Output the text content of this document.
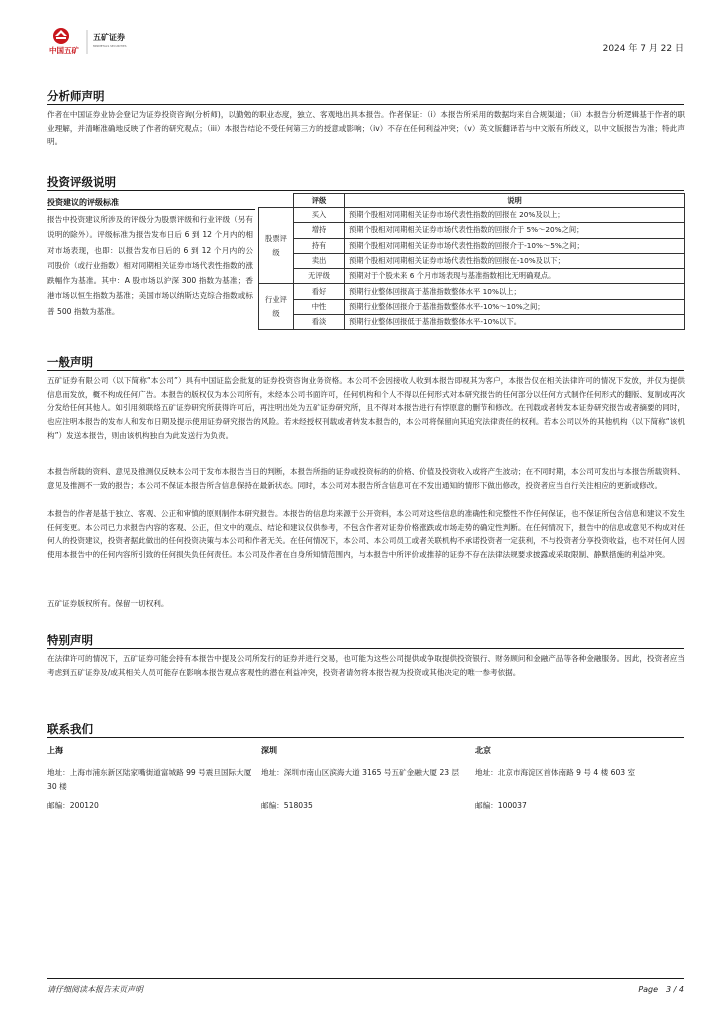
中国五矿
五矿证券
MINMETALS SECURITIES	2024 年 7 月 22 日
分析师声明

作者在中国证券业协会登记为证券投资咨询(分析师)，以勤勉的职业态度，独立、客观地出具本报告。作者保证：（i）本报告所采用的数据均来自合规渠道；（ii）本报告分析逻辑基于作者的职业理解，并清晰准确地反映了作者的研究观点；（iii）本报告结论不受任何第三方的授意或影响；（iv）不存在任何利益冲突；（v）英文版翻译若与中文版有所歧义，以中文版报告为准；特此声明。

投资评级说明
投资建议的评级标准

报告中投资建议所涉及的评级分为股票评级和行业评级（另有说明的除外）。评级标准为报告发布日后 6 到 12 个月内的相对市场表现，也即：以报告发布日后的 6 到 12 个月内的公司股价（或行业指数）相对同期相关证券市场代表性指数的涨跌幅作为基准。其中：A 股市场以沪深 300 指数为基准；香港市场以恒生指数为基准；美国市场以纳斯达克综合指数或标普 500 指数为基准。

	评级	说明
股票评级	买入	预期个股相对同期相关证券市场代表性指数的回报在 20%及以上；
	增持	预期个股相对同期相关证券市场代表性指数的回报介于 5%～20%之间；
	持有	预期个股相对同期相关证券市场代表性指数的回报介于-10%～5%之间；
	卖出	预期个股相对同期相关证券市场代表性指数的回报在-10%及以下；
	无评级	预期对于个股未来 6 个月市场表现与基准指数相比无明确观点。
行业评级	看好	预期行业整体回报高于基准指数整体水平 10%以上；
	中性	预期行业整体回报介于基准指数整体水平-10%～10%之间；
	看淡	预期行业整体回报低于基准指数整体水平-10%以下。
一般声明

五矿证券有限公司（以下简称“本公司”）具有中国证监会批复的证券投资咨询业务资格。本公司不会因接收人收到本报告即视其为客户，本报告仅在相关法律许可的情况下发放，并仅为提供信息而发放，概不构成任何广告。本报告的版权仅为本公司所有，未经本公司书面许可，任何机构和个人不得以任何形式对本研究报告的任何部分以任何方式制作任何形式的翻版、复制或再次分发给任何其他人。如引用须联络五矿证券研究所获得许可后，再注明出处为五矿证券研究所，且不得对本报告进行有悖原意的删节和修改。在刊载或者转发本证券研究报告或者摘要的同时，也应注明本报告的发布人和发布日期及提示使用证券研究报告的风险。若未经授权刊载或者转发本报告的，本公司将保留向其追究法律责任的权利。若本公司以外的其他机构（以下简称“该机构”）发送本报告，则由该机构独自为此发送行为负责。

本报告所载的资料、意见及推测仅反映本公司于发布本报告当日的判断，本报告所指的证券或投资标的的价格、价值及投资收入或将产生波动；在不同时期，本公司可发出与本报告所载资料、意见及推测不一致的报告；本公司不保证本报告所含信息保持在最新状态。同时，本公司对本报告所含信息可在不发出通知的情形下做出修改，投资者应当自行关注相应的更新或修改。

本报告的作者是基于独立、客观、公正和审慎的原则制作本研究报告。本报告的信息均来源于公开资料，本公司对这些信息的准确性和完整性不作任何保证，也不保证所包含信息和建议不发生任何变更。本公司已力求报告内容的客观、公正，但文中的观点、结论和建议仅供参考，不包含作者对证券价格涨跌或市场走势的确定性判断。在任何情况下，报告中的信息或意见不构成对任何人的投资建议，投资者据此做出的任何投资决策与本公司和作者无关。在任何情况下，本公司、本公司员工或者关联机构不承诺投资者一定获利，不与投资者分享投资收益，也不对任何人因使用本报告中的任何内容所引致的任何损失负任何责任。本公司及作者在自身所知情范围内，与本报告中所评价或推荐的证券不存在法律法规要求披露或采取限制、静默措施的利益冲突。

五矿证券版权所有。保留一切权利。

特别声明

在法律许可的情况下，五矿证券可能会持有本报告中提及公司所发行的证券并进行交易，也可能为这些公司提供或争取提供投资银行、财务顾问和金融产品等各种金融服务。因此，投资者应当考虑到五矿证券及/或其相关人员可能存在影响本报告观点客观性的潜在利益冲突，投资者请勿将本报告视为投资或其他决定的唯一参考依据。

联系我们
上海

地址：上海市浦东新区陆家嘴街道富城路 99 号震旦国际大厦 30 楼

邮编：200120
深圳

地址：深圳市南山区滨海大道 3165 号五矿金融大厦 23 层

邮编：518035
北京

地址：北京市海淀区首体南路 9 号 4 楼 603 室

邮编：100037
请仔细阅读本报告末页声明	Page　3 / 4
